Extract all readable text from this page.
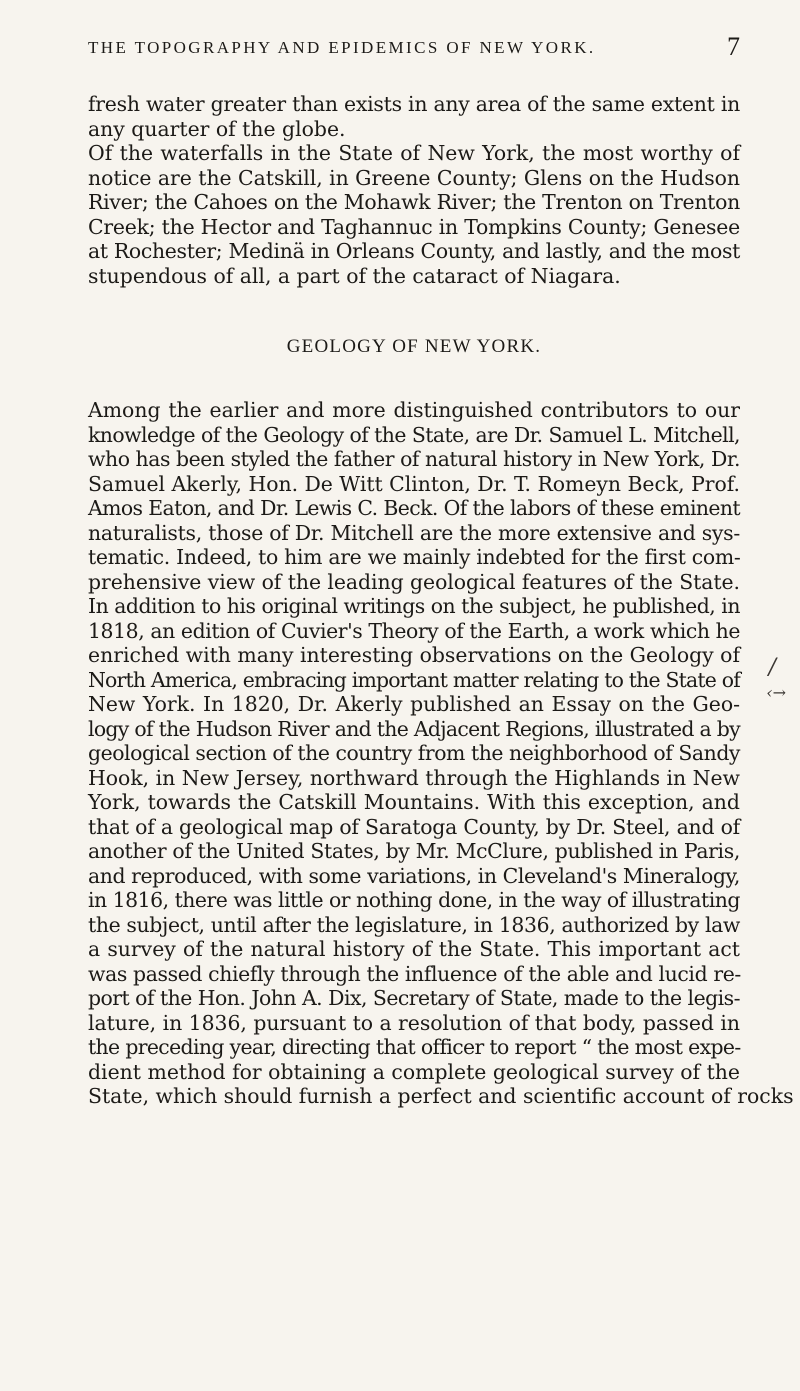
THE TOPOGRAPHY AND EPIDEMICS OF NEW YORK.	7

fresh water greater than exists in any area of the same extent in
any quarter of the globe.

Of the waterfalls in the State of New York, the most worthy of
notice are the Catskill, in Greene County; Glens on the Hudson
River; the Cahoes on the Mohawk River; the Trenton on Trenton
Creek; the Hector and Taghannuc in Tompkins County; Genesee
at Rochester; Medinä in Orleans County, and lastly, and the most
stupendous of all, a part of the cataract of Niagara.

GEOLOGY OF NEW YORK.

Among the earlier and more distinguished contributors to our
knowledge of the Geology of the State, are Dr. Samuel L. Mitchell,
who has been styled the father of natural history in New York, Dr.
Samuel Akerly, Hon. De Witt Clinton, Dr. T. Romeyn Beck, Prof.
Amos Eaton, and Dr. Lewis C. Beck. Of the labors of these eminent
naturalists, those of Dr. Mitchell are the more extensive and sys-
tematic. Indeed, to him are we mainly indebted for the first com-
prehensive view of the leading geological features of the State.
In addition to his original writings on the subject, he published, in
1818, an edition of Cuvier's Theory of the Earth, a work which he
enriched with many interesting observations on the Geology of
North America, embracing important matter relating to the State of
New York. In 1820, Dr. Akerly published an Essay on the Geo-
logy of the Hudson River and the Adjacent Regions, illustrated a by
geological section of the country from the neighborhood of Sandy
Hook, in New Jersey, northward through the Highlands in New
York, towards the Catskill Mountains. With this exception, and
that of a geological map of Saratoga County, by Dr. Steel, and of
another of the United States, by Mr. McClure, published in Paris,
and reproduced, with some variations, in Cleveland's Mineralogy,
in 1816, there was little or nothing done, in the way of illustrating
the subject, until after the legislature, in 1836, authorized by law
a survey of the natural history of the State. This important act
was passed chiefly through the influence of the able and lucid re-
port of the Hon. John A. Dix, Secretary of State, made to the legis-
lature, in 1836, pursuant to a resolution of that body, passed in
the preceding year, directing that officer to report “ the most expe-
dient method for obtaining a complete geological survey of the
State, which should furnish a perfect and scientific account of rocks

/
‹→
